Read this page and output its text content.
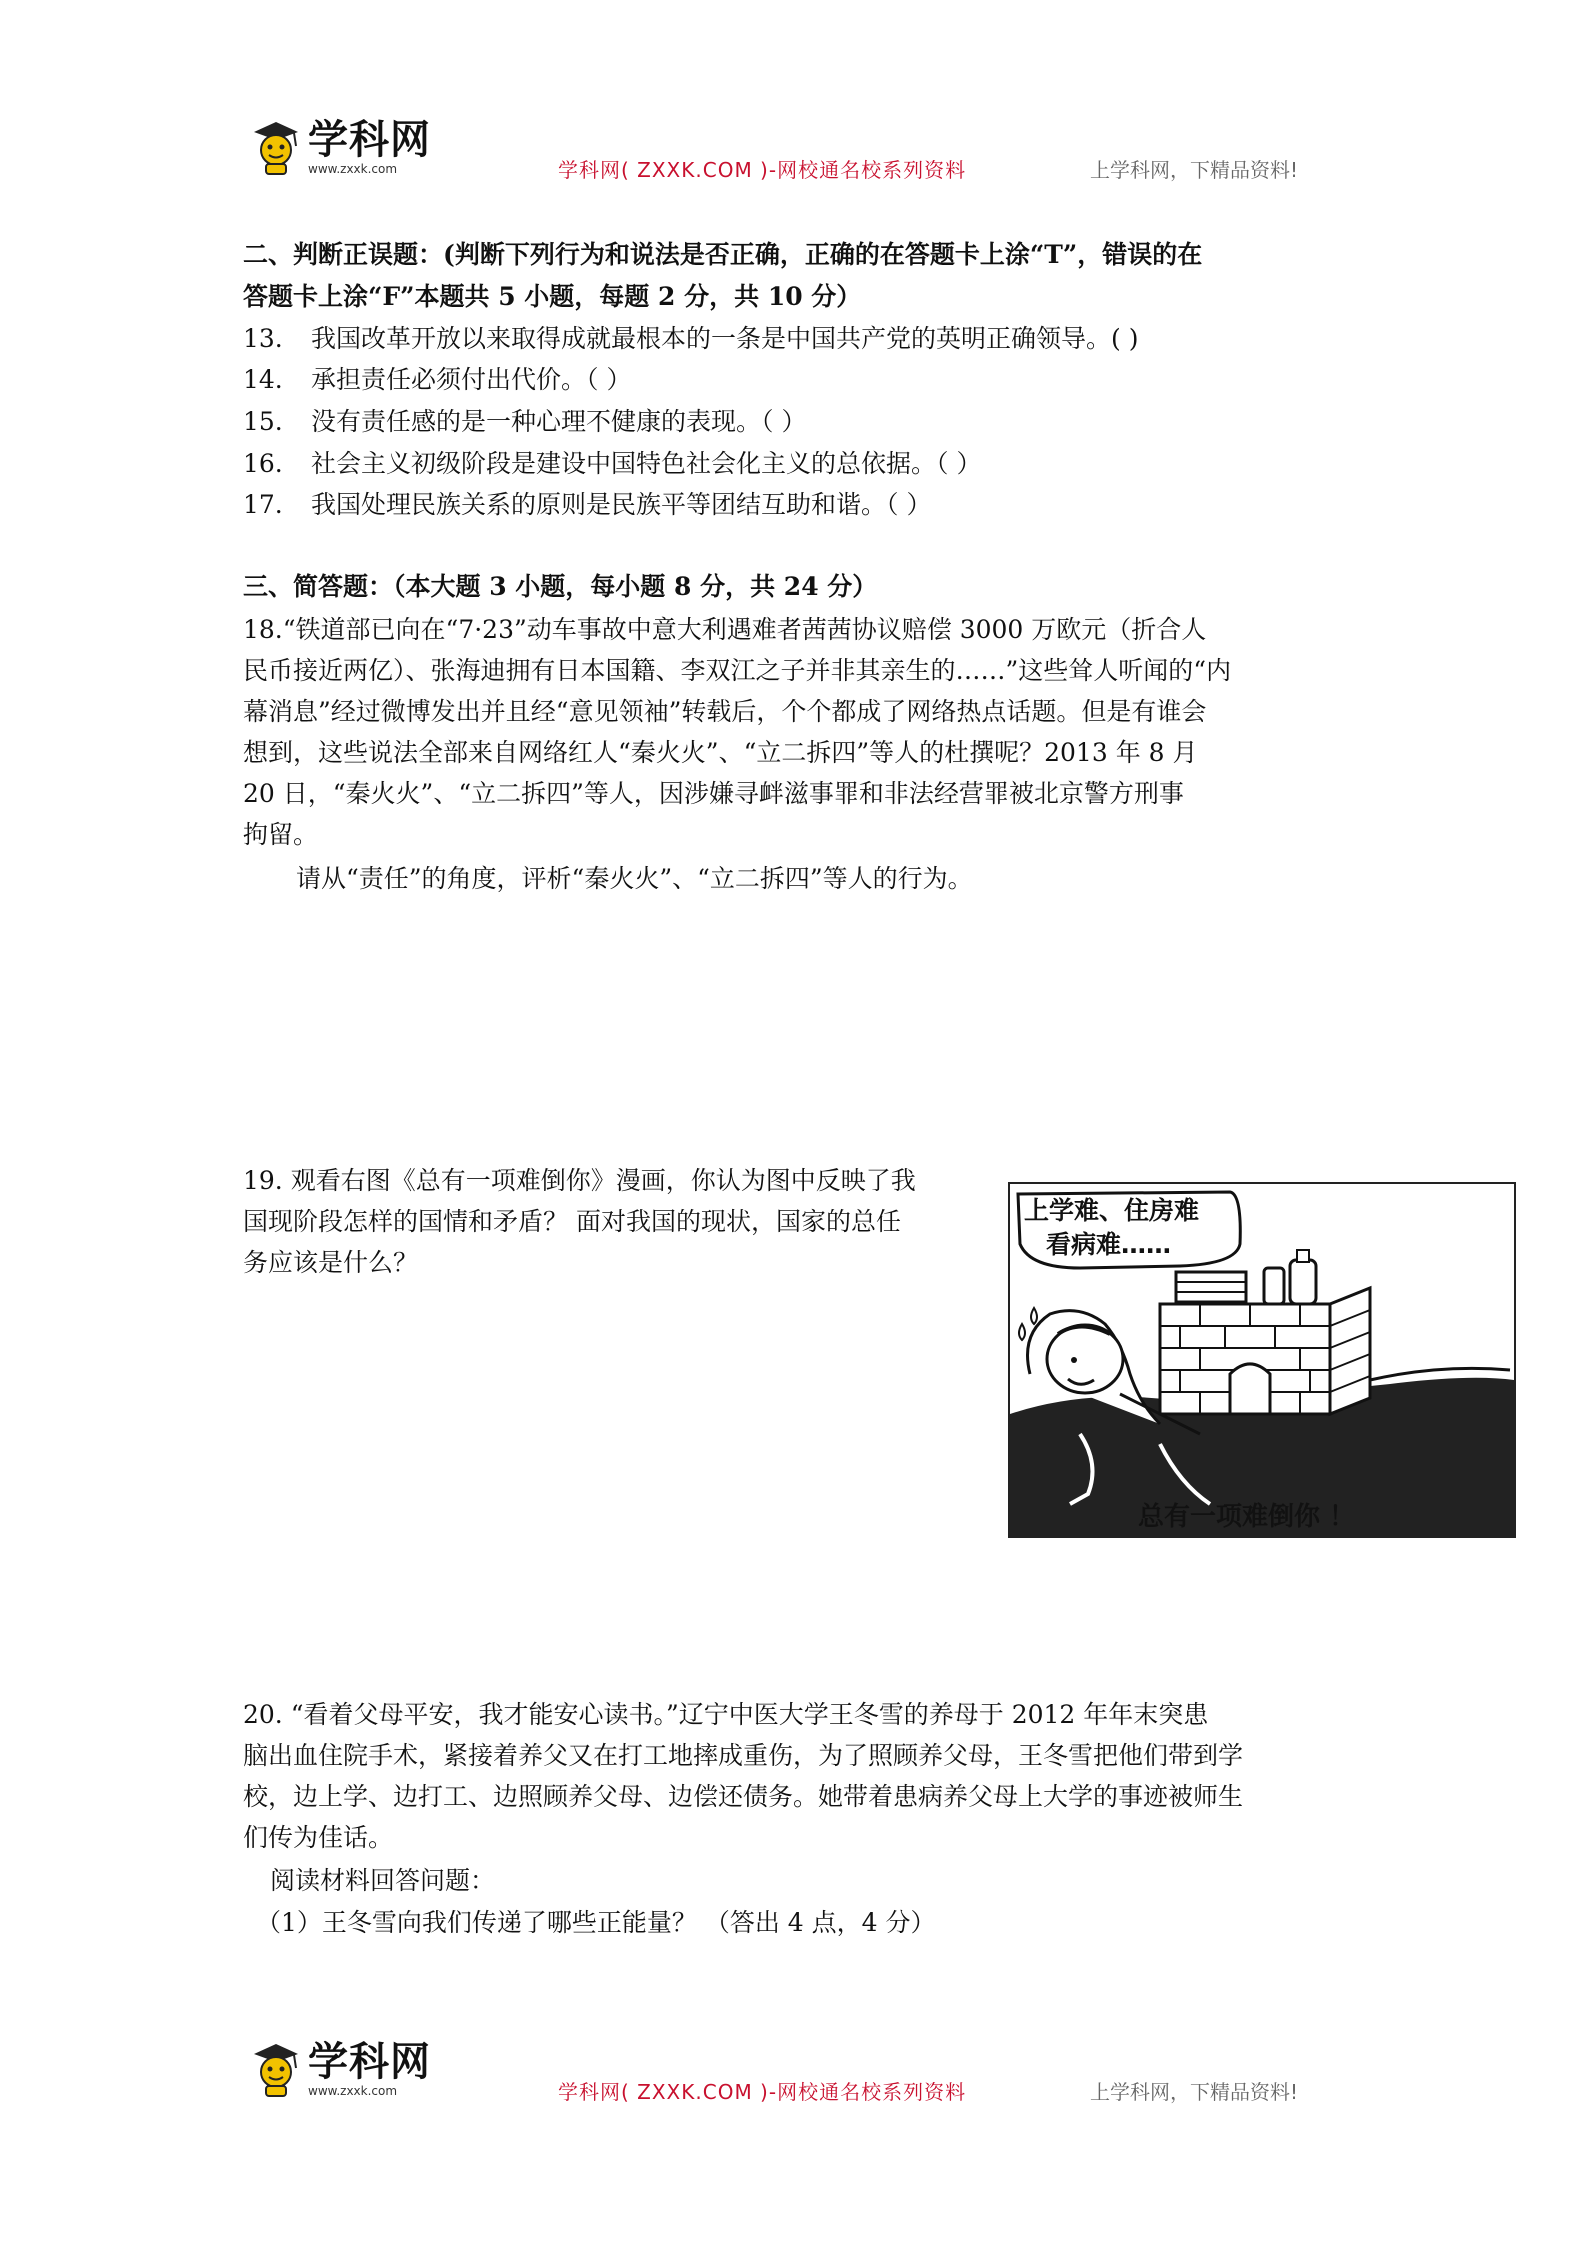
学科网
www.zxxk.com	学科网( ZXXK.COM )-网校通名校系列资料	上学科网，下精品资料!
二、判断正误题：(判断下列行为和说法是否正确，正确的在答题卡上涂“T”，错误的在
答题卡上涂“F”本题共 5 小题，每题 2 分，共 10 分）
13. 我国改革开放以来取得成就最根本的一条是中国共产党的英明正确领导。( )
14. 承担责任必须付出代价。（ ）
15. 没有责任感的是一种心理不健康的表现。（ ）
16. 社会主义初级阶段是建设中国特色社会化主义的总依据。（ ）
17. 我国处理民族关系的原则是民族平等团结互助和谐。（ ）
三、简答题：（本大题 3 小题，每小题 8 分，共 24 分）
18.“铁道部已向在“7·23”动车事故中意大利遇难者茜茜协议赔偿 3000 万欧元（折合人
民币接近两亿）、张海迪拥有日本国籍、李双江之子并非其亲生的……”这些耸人听闻的“内
幕消息”经过微博发出并且经“意见领袖”转载后，个个都成了网络热点话题。但是有谁会
想到，这些说法全部来自网络红人“秦火火”、“立二拆四”等人的杜撰呢？2013 年 8 月
20 日，“秦火火”、“立二拆四”等人，因涉嫌寻衅滋事罪和非法经营罪被北京警方刑事
拘留。
请从“责任”的角度，评析“秦火火”、“立二拆四”等人的行为。
19. 观看右图《总有一项难倒你》漫画，你认为图中反映了我
国现阶段怎样的国情和矛盾？ 面对我国的现状，国家的总任
务应该是什么？
上学难、住房难
看病难……
总有一项难倒你 ！
20. “看着父母平安，我才能安心读书。”辽宁中医大学王冬雪的养母于 2012 年年末突患
脑出血住院手术，紧接着养父又在打工地摔成重伤，为了照顾养父母，王冬雪把他们带到学
校，边上学、边打工、边照顾养父母、边偿还债务。她带着患病养父母上大学的事迹被师生
们传为佳话。
阅读材料回答问题：
（1）王冬雪向我们传递了哪些正能量？ （答出 4 点，4 分）
学科网
www.zxxk.com	学科网( ZXXK.COM )-网校通名校系列资料	上学科网，下精品资料!
